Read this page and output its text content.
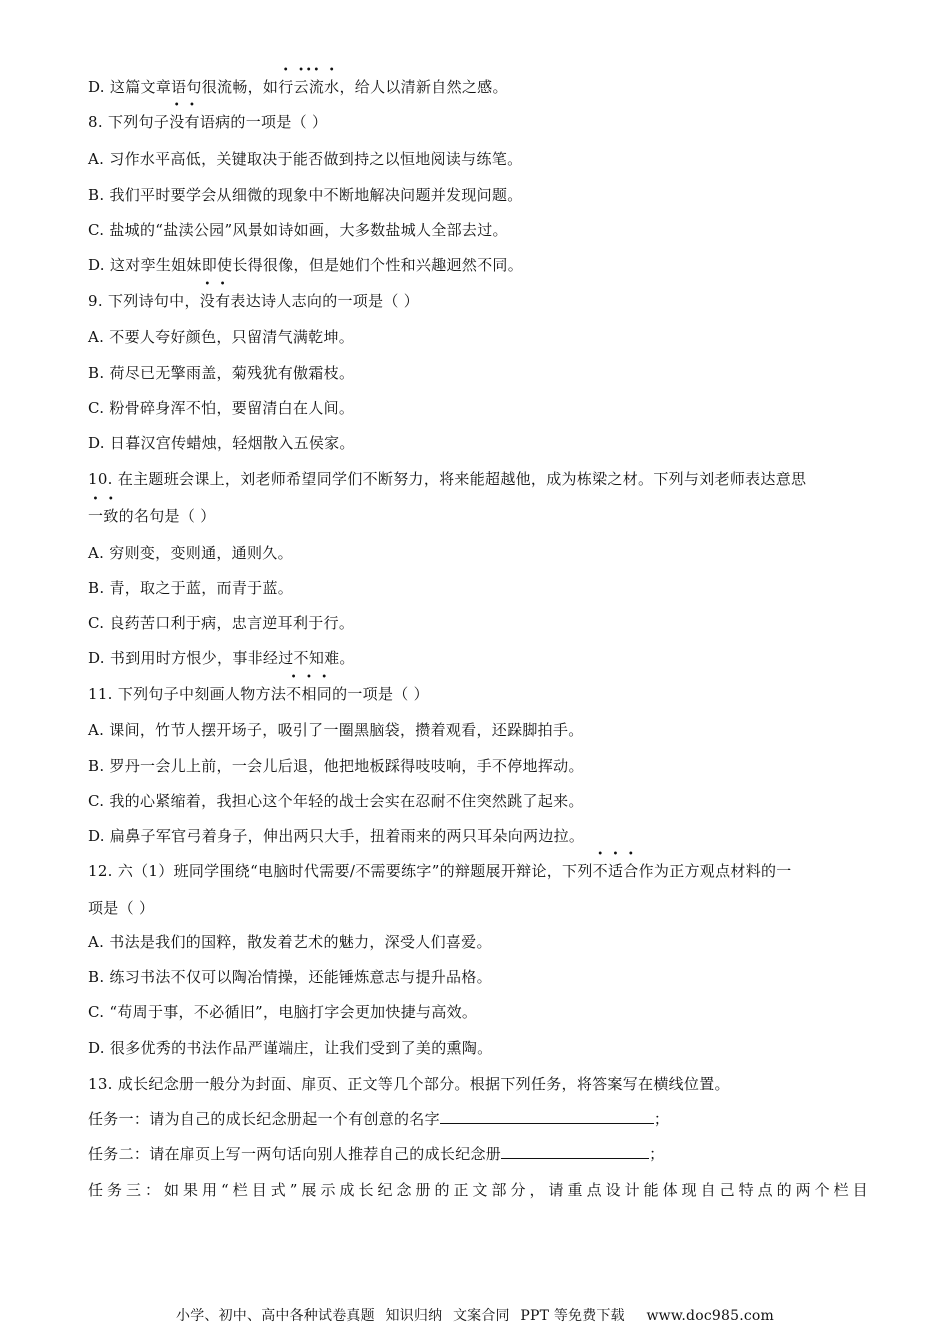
D. 这篇文章语句很流畅，如行云流水，给人以清新自然之感。
8. 下列句子没有语病的一项是（ ）
A. 习作水平高低，关键取决于能否做到持之以恒地阅读与练笔。
B. 我们平时要学会从细微的现象中不断地解决问题并发现问题。
C. 盐城的“盐渎公园”风景如诗如画，大多数盐城人全部去过。
D. 这对孪生姐妹即使长得很像，但是她们个性和兴趣迥然不同。
9. 下列诗句中，没有表达诗人志向的一项是（ ）
A. 不要人夸好颜色，只留清气满乾坤。
B. 荷尽已无擎雨盖，菊残犹有傲霜枝。
C. 粉骨碎身浑不怕，要留清白在人间。
D. 日暮汉宫传蜡烛，轻烟散入五侯家。
10. 在主题班会课上，刘老师希望同学们不断努力，将来能超越他，成为栋梁之材。下列与刘老师表达意思
一致的名句是（ ）
A. 穷则变，变则通，通则久。
B. 青，取之于蓝，而青于蓝。
C. 良药苦口利于病，忠言逆耳利于行。
D. 书到用时方恨少，事非经过不知难。
11. 下列句子中刻画人物方法不相同的一项是（ ）
A. 课间，竹节人摆开场子，吸引了一圈黑脑袋，攒着观看，还跺脚拍手。
B. 罗丹一会儿上前，一会儿后退，他把地板踩得吱吱响，手不停地挥动。
C. 我的心紧缩着，我担心这个年轻的战士会实在忍耐不住突然跳了起来。
D. 扁鼻子军官弓着身子，伸出两只大手，扭着雨来的两只耳朵向两边拉。
12. 六（1）班同学围绕“电脑时代需要/不需要练字”的辩题展开辩论，下列不适合作为正方观点材料的一
项是（ ）
A. 书法是我们的国粹，散发着艺术的魅力，深受人们喜爱。
B. 练习书法不仅可以陶冶情操，还能锤炼意志与提升品格。
C. “苟周于事，不必循旧”，电脑打字会更加快捷与高效。
D. 很多优秀的书法作品严谨端庄，让我们受到了美的熏陶。
13. 成长纪念册一般分为封面、扉页、正文等几个部分。根据下列任务，将答案写在横线位置。
任务一：请为自己的成长纪念册起一个有创意的名字	；
任务二：请在扉页上写一两句话向别人推荐自己的成长纪念册	；
任务三：如果用“栏目式”展示成长纪念册的正文部分，请重点设计能体现自己特点的两个栏目
小学、初中、高中各种试卷真题 知识归纳 文案合同 PPT 等免费下载 www.doc985.com
